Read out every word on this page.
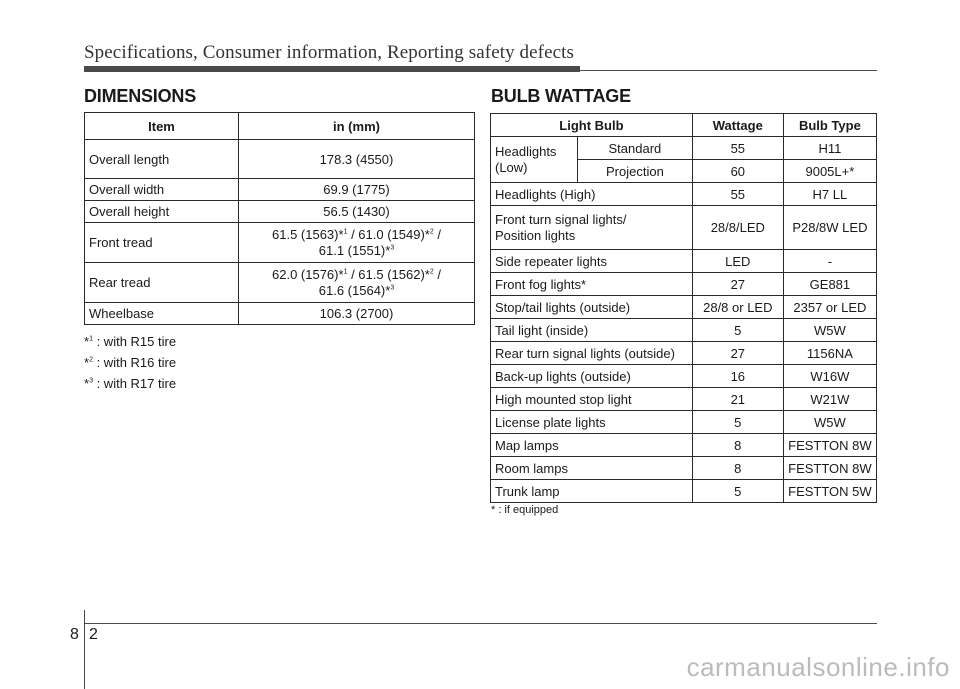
Specifications, Consumer information, Reporting safety defects
DIMENSIONS
Item	in (mm)
Overall length	178.3 (4550)
Overall width	69.9 (1775)
Overall height	56.5 (1430)
Front tread	61.5 (1563)*$^1$ / 61.0 (1549)*$^2$ /
61.1 (1551)*$^3$
Rear tread	62.0 (1576)*$^1$ / 61.5 (1562)*$^2$ /
61.6 (1564)*$^3$
Wheelbase	106.3 (2700)
*$^1$ : with R15 tire
*$^2$ : with R16 tire
*$^3$ : with R17 tire
BULB WATTAGE
Light Bulb		Wattage	Bulb Type
Headlights
(Low)	Standard	55	H11
	Projection	60	9005L+*
Headlights (High)		55	H7 LL
Front turn signal lights/
Position lights		28/8/LED	P28/8W LED
Side repeater lights		LED	-
Front fog lights*		27	GE881
Stop/tail lights (outside)		28/8 or LED	2357 or LED
Tail light (inside)		5	W5W
Rear turn signal lights (outside)		27	1156NA
Back-up lights (outside)		16	W16W
High mounted stop light		21	W21W
License plate lights		5	W5W
Map lamps		8	FESTTON 8W
Room lamps		8	FESTTON 8W
Trunk lamp		5	FESTTON 5W
* : if equipped
8 2
carmanualsonline.info
